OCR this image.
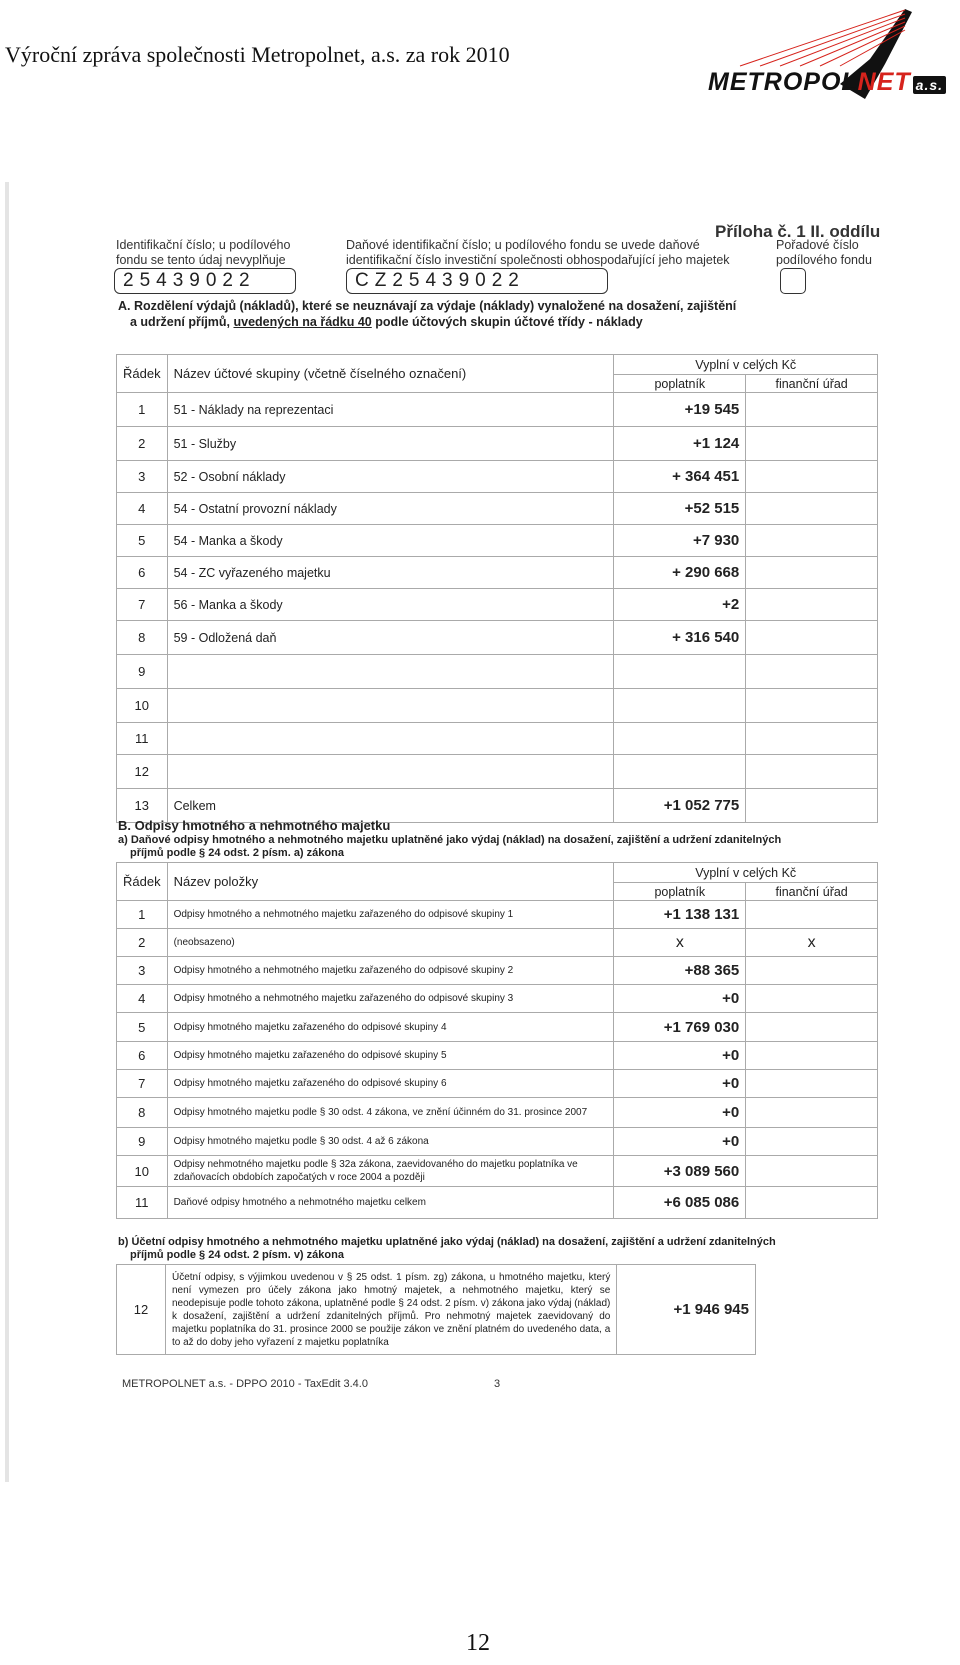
Výroční zpráva společnosti Metropolnet, a.s. za rok 2010
METROPOLNET a.s.
Příloha č. 1 II. oddílu
Identifikační číslo; u podílového
fondu se tento údaj nevyplňuje
25439022
Daňové identifikační číslo; u podílového fondu se uvede daňové
identifikační číslo investiční společnosti obhospodařující jeho majetek
CZ25439022
Pořadové číslo
podílového fondu
A. Rozdělení výdajů (nákladů), které se neuznávají za výdaje (náklady) vynaložené na dosažení, zajištění
a udržení příjmů, uvedených na řádku 40 podle účtových skupin účtové třídy - náklady
Řádek	Název účtové skupiny (včetně číselného označení)	Vyplní v celých Kč	
		poplatník	finanční úřad
1	51 - Náklady na reprezentaci	+19 545	
2	51 - Služby	+1 124	
3	52 - Osobní náklady	+ 364 451	
4	54 - Ostatní provozní náklady	+52 515	
5	54 - Manka a škody	+7 930	
6	54 - ZC vyřazeného majetku	+ 290 668	
7	56 - Manka a škody	+2	
8	59 - Odložená daň	+ 316 540	
9			
10			
11			
12			
13	Celkem	+1 052 775	
B. Odpisy hmotného a nehmotného majetku
a) Daňové odpisy hmotného a nehmotného majetku uplatněné jako výdaj (náklad) na dosažení, zajištění a udržení zdanitelných
příjmů podle § 24 odst. 2 písm. a) zákona
Řádek	Název položky	Vyplní v celých Kč	
		poplatník	finanční úřad
1	Odpisy hmotného a nehmotného majetku zařazeného do odpisové skupiny 1	+1 138 131	
2	(neobsazeno)	x	x
3	Odpisy hmotného a nehmotného majetku zařazeného do odpisové skupiny 2	+88 365	
4	Odpisy hmotného a nehmotného majetku zařazeného do odpisové skupiny 3	+0	
5	Odpisy hmotného majetku zařazeného do odpisové skupiny 4	+1 769 030	
6	Odpisy hmotného majetku zařazeného do odpisové skupiny 5	+0	
7	Odpisy hmotného majetku zařazeného do odpisové skupiny 6	+0	
8	Odpisy hmotného majetku podle § 30 odst. 4 zákona, ve znění účinném do 31. prosince 2007	+0	
9	Odpisy hmotného majetku podle § 30 odst. 4 až 6 zákona	+0	
10	Odpisy nehmotného majetku podle § 32a zákona, zaevidovaného do majetku poplatníka ve zdaňovacích obdobích započatých v roce 2004 a později	+3 089 560	
11	Daňové odpisy hmotného a nehmotného majetku celkem	+6 085 086	
b) Účetní odpisy hmotného a nehmotného majetku uplatněné jako výdaj (náklad) na dosažení, zajištění a udržení zdanitelných
příjmů podle § 24 odst. 2 písm. v) zákona
12	Účetní odpisy, s výjimkou uvedenou v § 25 odst. 1 písm. zg) zákona, u hmotného majetku, který není vymezen pro účely zákona jako hmotný majetek, a nehmotného majetku, který se neodepisuje podle tohoto zákona, uplatněné podle § 24 odst. 2 písm. v) zákona jako výdaj (náklad) k dosažení, zajištění a udržení zdanitelných příjmů. Pro nehmotný majetek zaevidovaný do majetku poplatníka do 31. prosince 2000 se použije zákon ve znění platném do uvedeného data, a to až do doby jeho vyřazení z majetku poplatníka	+1 946 945
METROPOLNET a.s. - DPPO 2010 - TaxEdit 3.4.0	3
12
